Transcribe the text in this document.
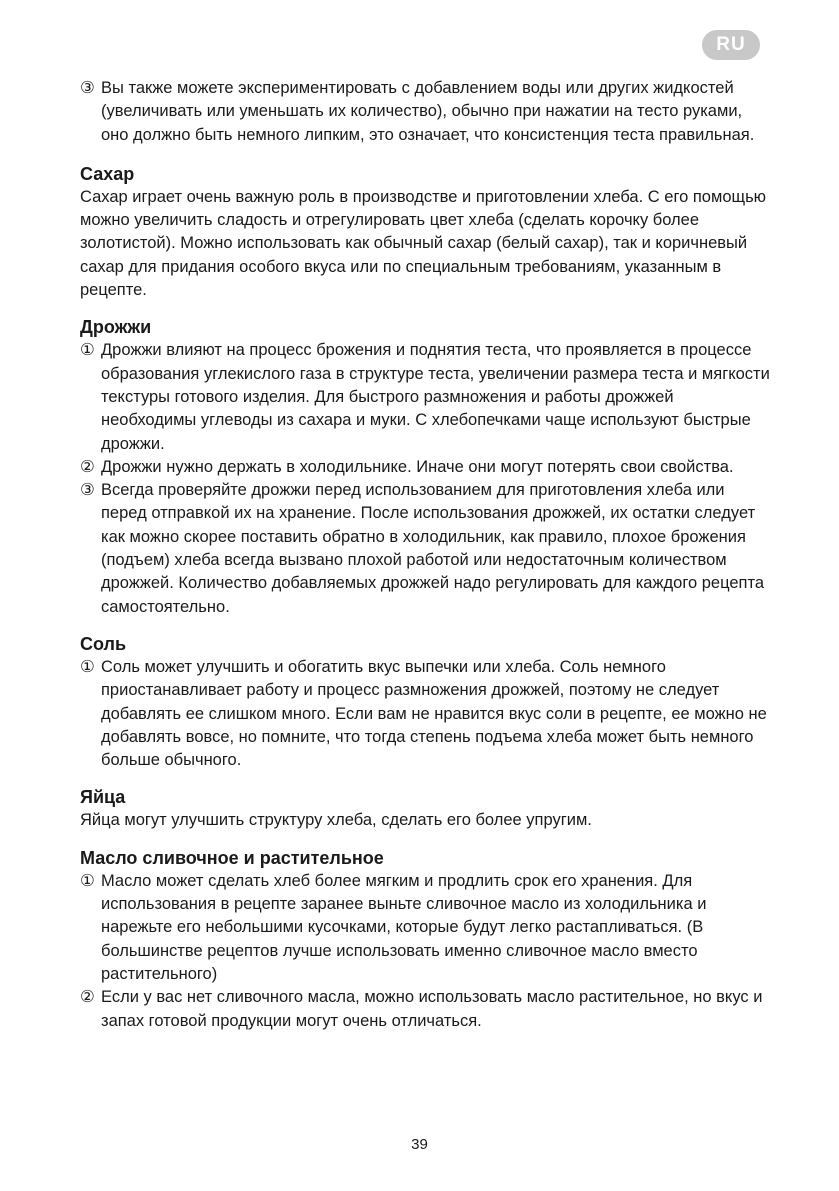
RU
③ Вы также можете экспериментировать с добавлением воды или других жидкостей (увеличивать или уменьшать их количество), обычно при нажатии на тесто руками, оно должно быть немного липким, это означает, что консистенция теста правильная.

Сахар

Сахар играет очень важную роль в производстве и приготовлении хлеба. С его помощью можно увеличить сладость и отрегулировать цвет хлеба (сделать корочку более золотистой). Можно использовать как обычный сахар (белый сахар), так и коричневый сахар для придания особого вкуса или по специальным требованиям, указанным в рецепте.

Дрожжи
① Дрожжи влияют на процесс брожения и поднятия теста, что проявляется в процессе образования углекислого газа в структуре теста, увеличении размера теста и мягкости текстуры готового изделия. Для быстрого размножения и работы дрожжей необходимы углеводы из сахара и муки. С хлебопечками чаще используют быстрые дрожжи.

② Дрожжи нужно держать в холодильнике. Иначе они могут потерять свои свойства.

③ Всегда проверяйте дрожжи перед использованием для приготовления хлеба или перед отправкой их на хранение. После использования дрожжей, их остатки следует как можно скорее поставить обратно в холодильник, как правило, плохое брожения (подъем) хлеба всегда вызвано плохой работой или недостаточным количеством дрожжей. Количество добавляемых дрожжей надо регулировать для каждого рецепта самостоятельно.

Соль
① Соль может улучшить и обогатить вкус выпечки или хлеба. Соль немного приостанавливает работу и процесс размножения дрожжей, поэтому не следует добавлять ее слишком много. Если вам не нравится вкус соли в рецепте, ее можно не добавлять вовсе, но помните, что тогда степень подъема хлеба может быть немного больше обычного.

Яйца

Яйца могут улучшить структуру хлеба, сделать его более упругим.

Масло сливочное и растительное
① Масло может сделать хлеб более мягким и продлить срок его хранения. Для использования в рецепте заранее выньте сливочное масло из холодильника и нарежьте его небольшими кусочками, которые будут легко растапливаться. (В большинстве рецептов лучше использовать именно сливочное масло вместо растительного)

② Если у вас нет сливочного масла, можно использовать масло растительное, но вкус и запах готовой продукции могут очень отличаться.

39
